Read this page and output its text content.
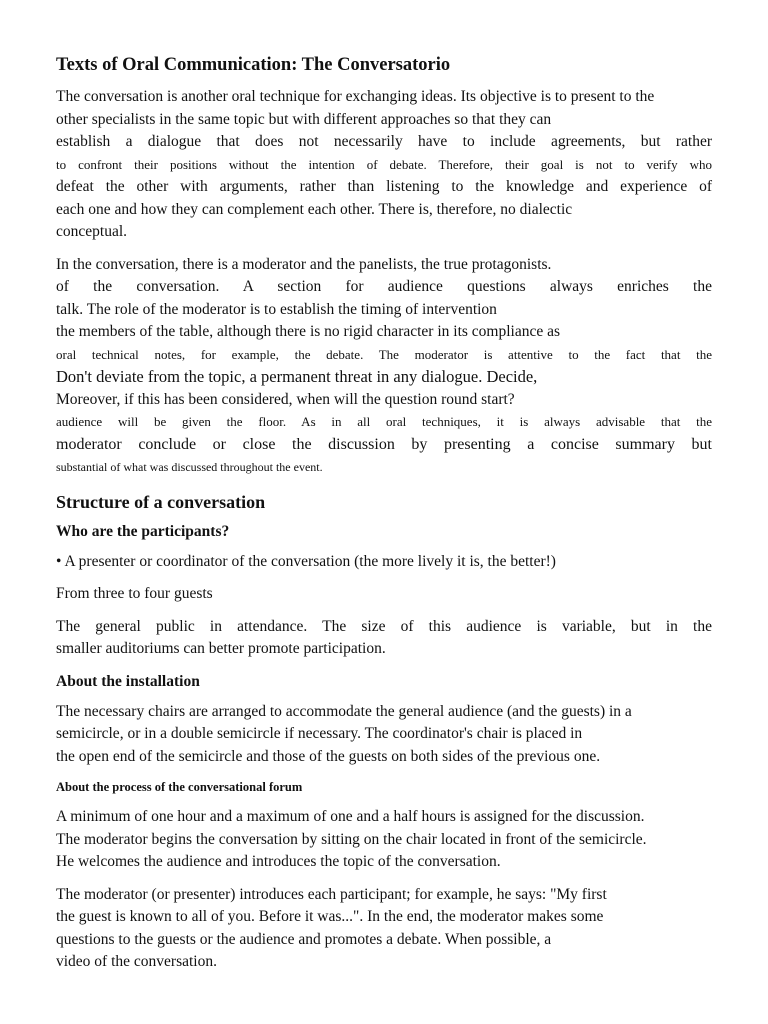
Texts of Oral Communication: The Conversatorio
The conversation is another oral technique for exchanging ideas. Its objective is to present to the
other specialists in the same topic but with different approaches so that they can
establish a dialogue that does not necessarily have to include agreements, but rather
to confront their positions without the intention of debate. Therefore, their goal is not to verify who
defeat the other with arguments, rather than listening to the knowledge and experience of
each one and how they can complement each other. There is, therefore, no dialectic
conceptual.
In the conversation, there is a moderator and the panelists, the true protagonists.
of the conversation. A section for audience questions always enriches the
talk. The role of the moderator is to establish the timing of intervention
the members of the table, although there is no rigid character in its compliance as
oral technical notes, for example, the debate. The moderator is attentive to the fact that the
Don't deviate from the topic, a permanent threat in any dialogue. Decide,
Moreover, if this has been considered, when will the question round start?
audience will be given the floor. As in all oral techniques, it is always advisable that the
moderator conclude or close the discussion by presenting a concise summary but
substantial of what was discussed throughout the event.
Structure of a conversation
Who are the participants?
• A presenter or coordinator of the conversation (the more lively it is, the better!)
From three to four guests
The general public in attendance. The size of this audience is variable, but in the
smaller auditoriums can better promote participation.
About the installation
The necessary chairs are arranged to accommodate the general audience (and the guests) in a
semicircle, or in a double semicircle if necessary. The coordinator's chair is placed in
the open end of the semicircle and those of the guests on both sides of the previous one.
About the process of the conversational forum
A minimum of one hour and a maximum of one and a half hours is assigned for the discussion.
The moderator begins the conversation by sitting on the chair located in front of the semicircle.
He welcomes the audience and introduces the topic of the conversation.
The moderator (or presenter) introduces each participant; for example, he says: "My first
the guest is known to all of you. Before it was...". In the end, the moderator makes some
questions to the guests or the audience and promotes a debate. When possible, a
video of the conversation.
